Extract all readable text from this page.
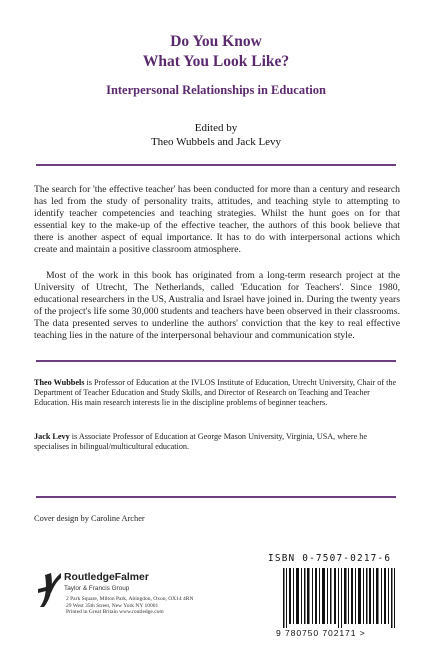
Do You Know
What You Look Like?
Interpersonal Relationships in Education
Edited by
Theo Wubbels and Jack Levy
The search for 'the effective teacher' has been conducted for more than a century and research has led from the study of personality traits, attitudes, and teaching style to attempting to identify teacher competencies and teaching strategies. Whilst the hunt goes on for that essential key to the make-up of the effective teacher, the authors of this book believe that there is another aspect of equal importance. It has to do with interpersonal actions which create and maintain a positive classroom atmosphere.
Most of the work in this book has originated from a long-term research project at the University of Utrecht, The Netherlands, called 'Education for Teachers'. Since 1980, educational researchers in the US, Australia and Israel have joined in. During the twenty years of the project's life some 30,000 students and teachers have been observed in their classrooms. The data presented serves to underline the authors' conviction that the key to real effective teaching lies in the nature of the interpersonal behaviour and communication style.
Theo Wubbels is Professor of Education at the IVLOS Institute of Education, Utrecht University, Chair of the Department of Teacher Education and Study Skills, and Director of Research on Teaching and Teacher Education. His main research interests lie in the discipline problems of beginner teachers.
Jack Levy is Associate Professor of Education at George Mason University, Virginia, USA, where he specialises in bilingual/multicultural education.
Cover design by Caroline Archer
ISBN 0-7507-0217-6
9 780750 702171 >
RoutledgeFalmer
Taylor & Francis Group
2 Park Square, Milton Park, Abingdon, Oxon, OX14 4RN
29 West 35th Street, New York NY 10001
Printed in Great Britain www.routledge.com
